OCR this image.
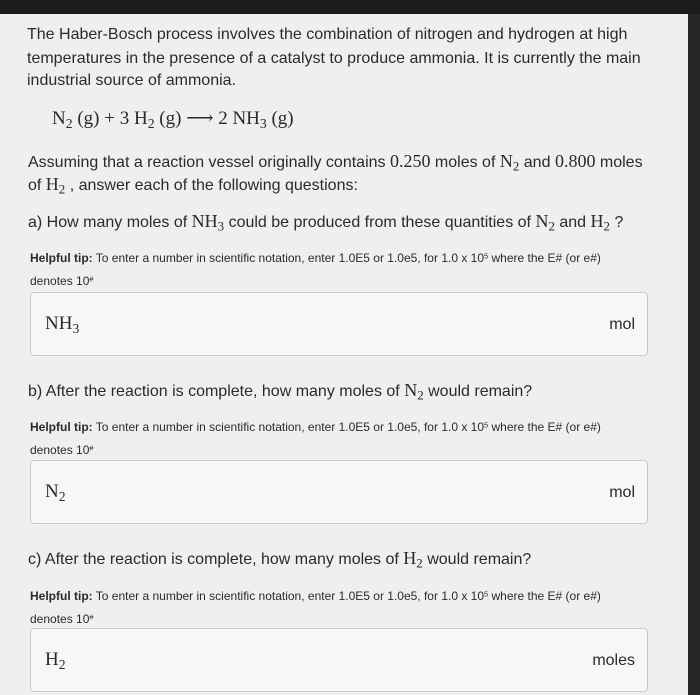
The Haber-Bosch process involves the combination of nitrogen and hydrogen at high

temperatures in the presence of a catalyst to produce ammonia. It is currently the main

industrial source of ammonia.

$N_2$ (g) + 3 $H_2$ (g) ⟶ 2 $NH_3$ (g)

Assuming that a reaction vessel originally contains 0.250 moles of $N_2$ and 0.800 moles

of $H_2$ , answer each of the following questions:

a) How many moles of $NH_3$ could be produced from these quantities of $N_2$ and $H_2$ ?

Helpful tip: To enter a number in scientific notation, enter 1.0E5 or 1.0e5, for 1.0 x $10^5$ where the E# (or e#)
denotes 10#
$NH_3$	mol

b) After the reaction is complete, how many moles of $N_2$ would remain?

Helpful tip: To enter a number in scientific notation, enter 1.0E5 or 1.0e5, for 1.0 x $10^5$ where the E# (or e#)
denotes 10#
$N_2$	mol

c) After the reaction is complete, how many moles of $H_2$ would remain?

Helpful tip: To enter a number in scientific notation, enter 1.0E5 or 1.0e5, for 1.0 x $10^5$ where the E# (or e#)
denotes 10#
$H_2$	moles
